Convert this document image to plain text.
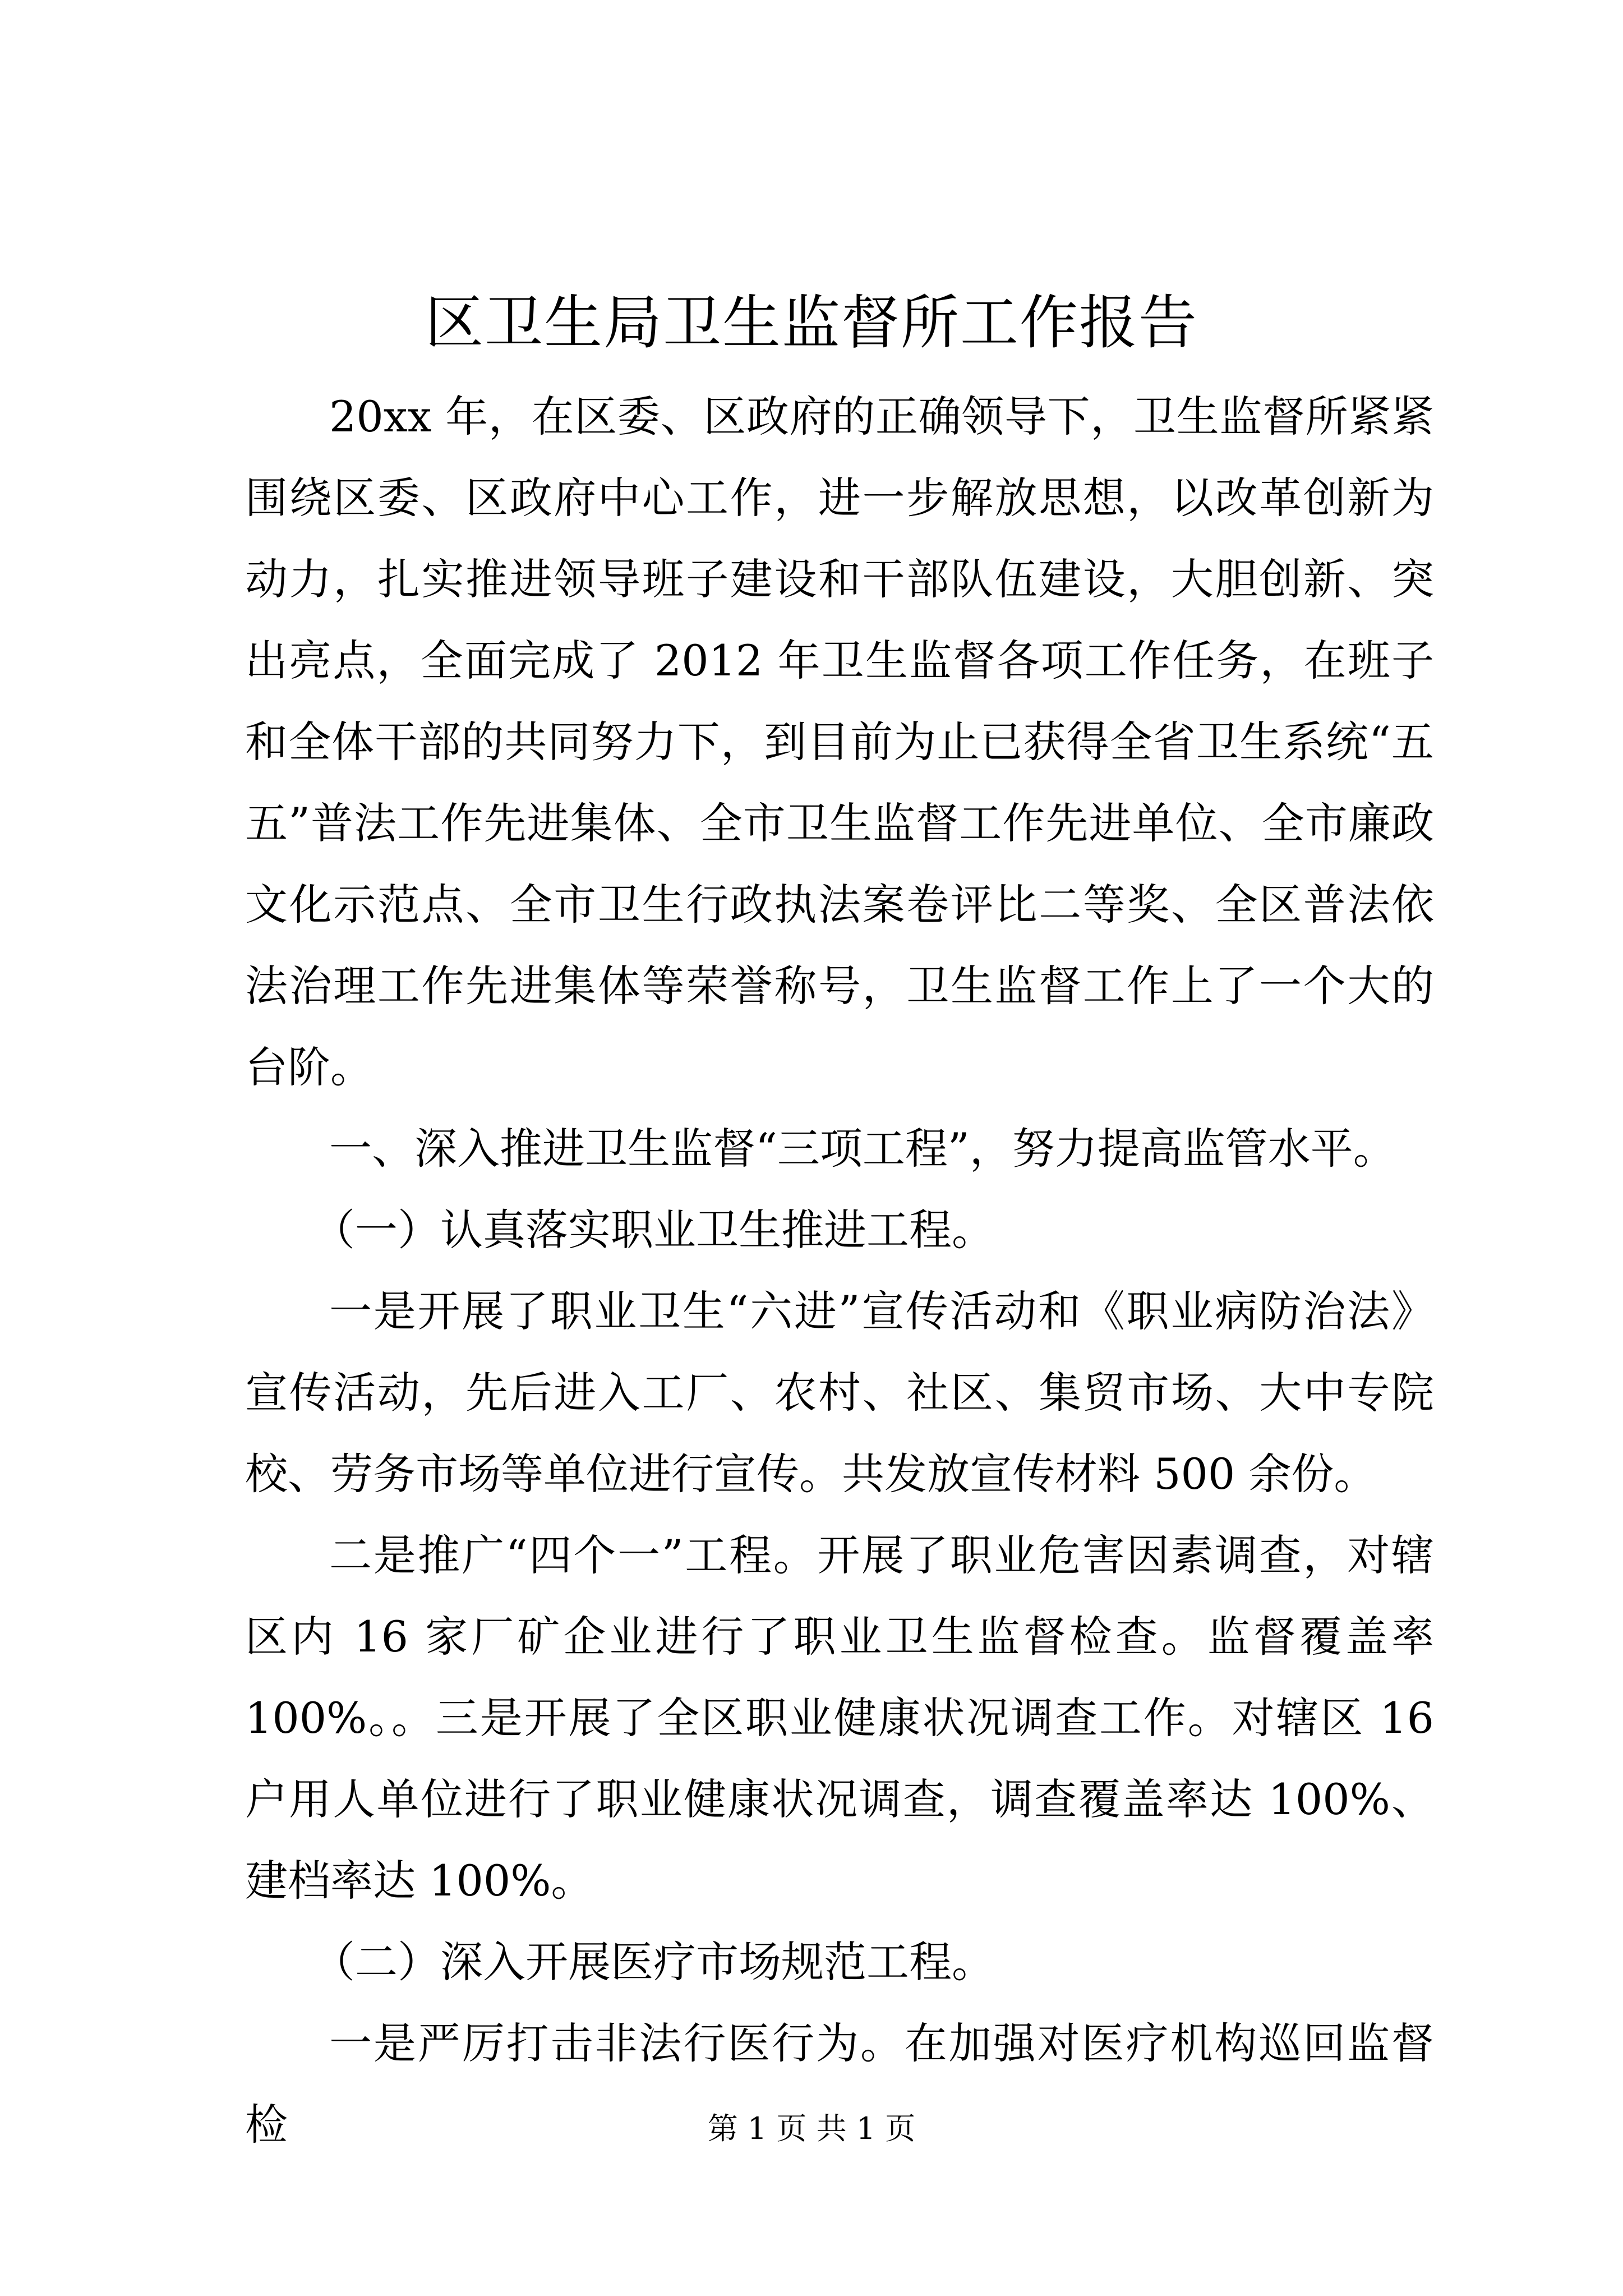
区卫生局卫生监督所工作报告

20xx 年，在区委、区政府的正确领导下，卫生监督所紧紧围绕区委、区政府中心工作，进一步解放思想，以改革创新为动力，扎实推进领导班子建设和干部队伍建设，大胆创新、突出亮点，全面完成了 2012 年卫生监督各项工作任务，在班子和全体干部的共同努力下，到目前为止已获得全省卫生系统“五五”普法工作先进集体、全市卫生监督工作先进单位、全市廉政文化示范点、全市卫生行政执法案卷评比二等奖、全区普法依法治理工作先进集体等荣誉称号，卫生监督工作上了一个大的台阶。

一、深入推进卫生监督“三项工程”，努力提高监管水平。

（一）认真落实职业卫生推进工程。

一是开展了职业卫生“六进”宣传活动和《职业病防治法》宣传活动，先后进入工厂、农村、社区、集贸市场、大中专院校、劳务市场等单位进行宣传。共发放宣传材料 500 余份。

二是推广“四个一”工程。开展了职业危害因素调查，对辖区内 16 家厂矿企业进行了职业卫生监督检查。监督覆盖率 100%。。三是开展了全区职业健康状况调查工作。对辖区 16 户用人单位进行了职业健康状况调查，调查覆盖率达 100%、建档率达 100%。

（二）深入开展医疗市场规范工程。

一是严厉打击非法行医行为。在加强对医疗机构巡回监督检	第 1 页 共 1 页
